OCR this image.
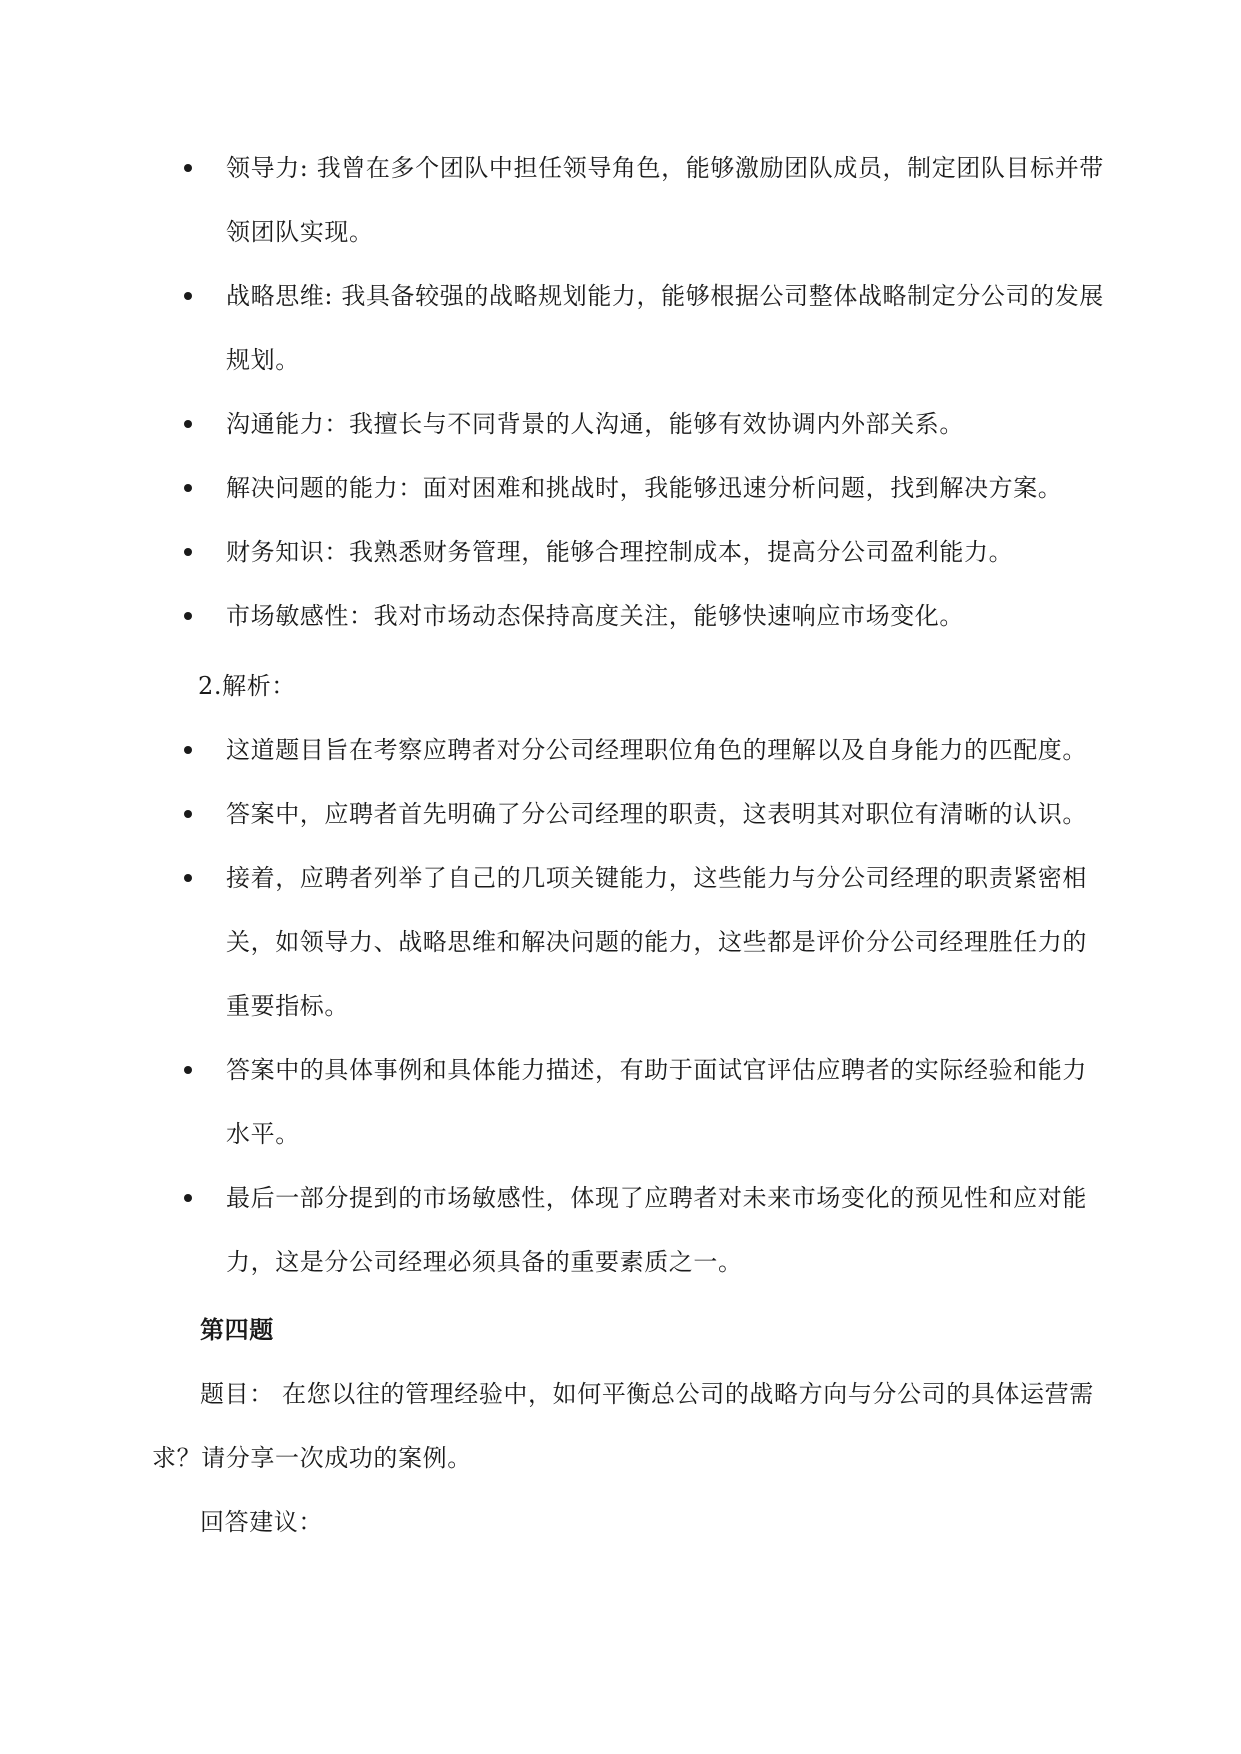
领导力: 我曾在多个团队中担任领导角色，能够激励团队成员，制定团队目标并带领团队实现。
战略思维: 我具备较强的战略规划能力，能够根据公司整体战略制定分公司的发展规划。
沟通能力：我擅长与不同背景的人沟通，能够有效协调内外部关系。
解决问题的能力：面对困难和挑战时，我能够迅速分析问题，找到解决方案。
财务知识：我熟悉财务管理，能够合理控制成本，提高分公司盈利能力。
市场敏感性：我对市场动态保持高度关注，能够快速响应市场变化。
2.解析：
这道题目旨在考察应聘者对分公司经理职位角色的理解以及自身能力的匹配度。
答案中，应聘者首先明确了分公司经理的职责，这表明其对职位有清晰的认识。
接着，应聘者列举了自己的几项关键能力，这些能力与分公司经理的职责紧密相关，如领导力、战略思维和解决问题的能力，这些都是评价分公司经理胜任力的重要指标。
答案中的具体事例和具体能力描述，有助于面试官评估应聘者的实际经验和能力水平。
最后一部分提到的市场敏感性，体现了应聘者对未来市场变化的预见性和应对能力，这是分公司经理必须具备的重要素质之一。
第四题
题目： 在您以往的管理经验中，如何平衡总公司的战略方向与分公司的具体运营需求？请分享一次成功的案例。
回答建议：
